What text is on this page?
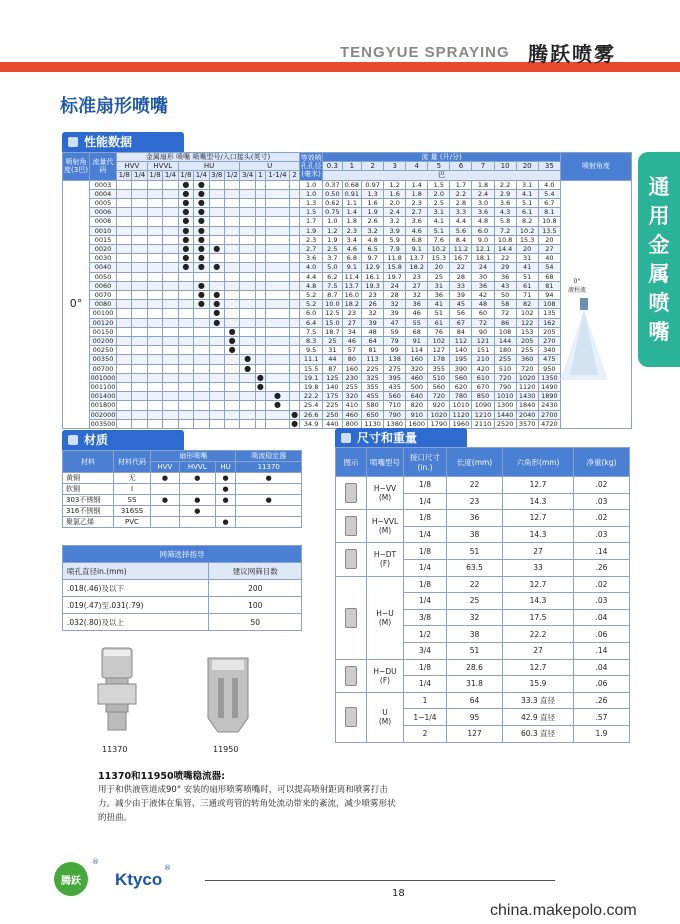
TENGYUE SPRAYING 腾跃喷雾
标准扇形喷嘴
通
用
金
属
喷
嘴
性能数据
喷射角度(3巴)	流量代码	金属扇形 喷嘴 喷嘴型号/入口接头(英寸)												等效喷孔孔径(毫米)	流 量 (升/分)											喷射角度
		HVV		HVVL		HU				U					0.3	1	2	3	4	5	6	7	10	20	35	
		1/8	1/4	1/8	1/4	1/8	1/4	3/8	1/2	3/4	1	1-1/4	2		巴											
0°	0003					●	●							1.0	0.37	0.68	0.97	1.2	1.4	1.5	1.7	1.8	2.2	3.1	4.0	
	0004					●	●							1.0	0.50	0.91	1.3	1.6	1.8	2.0	2.2	2.4	2.9	4.1	5.4	
	0005					●	●							1.3	0.62	1.1	1.6	2.0	2.3	2.5	2.8	3.0	3.6	5.1	6.7	
	0006					●	●							1.5	0.75	1.4	1.9	2.4	2.7	3.1	3.3	3.6	4.3	6.1	8.1	
	0008					●	●							1.7	1.0	1.8	2.6	3.2	3.6	4.1	4.4	4.8	5.8	8.2	10.8	
	0010					●	●							1.9	1.2	2.3	3.2	3.9	4.6	5.1	5.6	6.0	7.2	10.2	13.5	
	0015					●	●							2.3	1.9	3.4	4.8	5.9	6.8	7.6	8.4	9.0	10.8	15.3	20	
	0020					●	●	●						2.7	2.5	4.6	6.5	7.9	9.1	10.2	11.2	12.1	14.4	20	27	
	0030					●	●							3.6	3.7	6.8	9.7	11.8	13.7	15.3	16.7	18.1	22	31	40	
	0040					●	●	●						4.0	5.0	9.1	12.9	15.8	18.2	20	22	24	29	41	54	
	0050													4.4	6.2	11.4	16.1	19.7	23	25	28	30	36	51	68	
	0060						●							4.8	7.5	13.7	19.3	24	27	31	33	36	43	61	81	
	0070						●	●						5.2	8.7	16.0	23	28	32	36	39	42	50	71	94	
	0080						●	●						5.2	10.0	18.2	26	32	36	41	45	48	58	82	108	
	00100							●						6.0	12.5	23	32	39	46	51	56	60	72	102	135	
	00120							●						6.4	15.0	27	39	47	55	61	67	72	86	122	162	
	00150								●					7.5	18.7	34	48	59	68	76	84	90	108	153	205	
	00200								●					8.3	25	46	64	79	91	102	112	121	144	205	270	
	00250								●					9.5	31	57	81	99	114	127	140	151	180	255	340	
	00350									●				11.1	44	80	113	138	160	178	195	210	255	360	475	
	00700									●				15.5	87	160	225	275	320	355	390	420	510	720	950	
	001000										●			19.1	125	230	325	395	460	510	560	610	720	1020	1350	
	001100										●			19.8	140	255	355	435	500	560	620	670	790	1120	1490	
	001400											●		22.2	175	320	455	560	640	720	780	850	1010	1430	1890	
	001800											●		25.4	225	410	580	710	820	920	1010	1090	1300	1840	2430	
	002000												●	26.6	250	460	650	790	910	1020	1120	1210	1440	2040	2700	
	003500												●	34.9	440	800	1130	1380	1600	1790	1960	2110	2520	3570	4720	
材质
材料	材料代码	扇形喷嘴			喷流稳定器
		HVV	HVVL	HU	11370
黄铜	无	●	●	●	●
软铜	I			●	
303不锈钢	SS	●	●	●	●
316不锈钢	316SS		●		
聚氯乙烯	PVC			●	
网筛选择指导	
喷孔直径in.(mm)	建议网筛目数
.018(.46)及以下	200
.019(.47)至.031(.79)	100
.032(.80)及以上	50
11370	11950
11370和11950喷嘴稳流器:
用于和供液管道成90° 安装的扇形喷雾喷嘴时，可以提高喷射距离和喷雾打击力。减少由于液体在集管、三通或弯管的转角处流动带来的紊流，减少喷雾形状的扭曲。
0°
液柱流
尺寸和重量
图示	喷嘴型号	接口尺寸(in.)	长度(mm)	六角形(mm)	净重(kg)

	H−VV
(M)	1/8	22	12.7	.02
		1/4	23	14.3	.03

	H−VVL
(M)	1/8	36	12.7	.02
		1/4	38	14.3	.03

	H−DT
(F)	1/8	51	27	.14
		1/4	63.5	33	.26

	H−U
(M)	1/8	22	12.7	.02
		1/4	25	14.3	.03
		3/8	32	17.5	.04
		1/2	38	22.2	.06
		3/4	51	27	.14

	H−DU
(F)	1/8	28.6	12.7	.04
		1/4	31.8	15.9	.06

	U
(M)	1	64	33.3 直径	.26
		1−1/4	95	42.9 直径	.57
		2	127	60.3 直径	1.9
腾跃
®
Ktyco
®
18
china.makepolo.com
